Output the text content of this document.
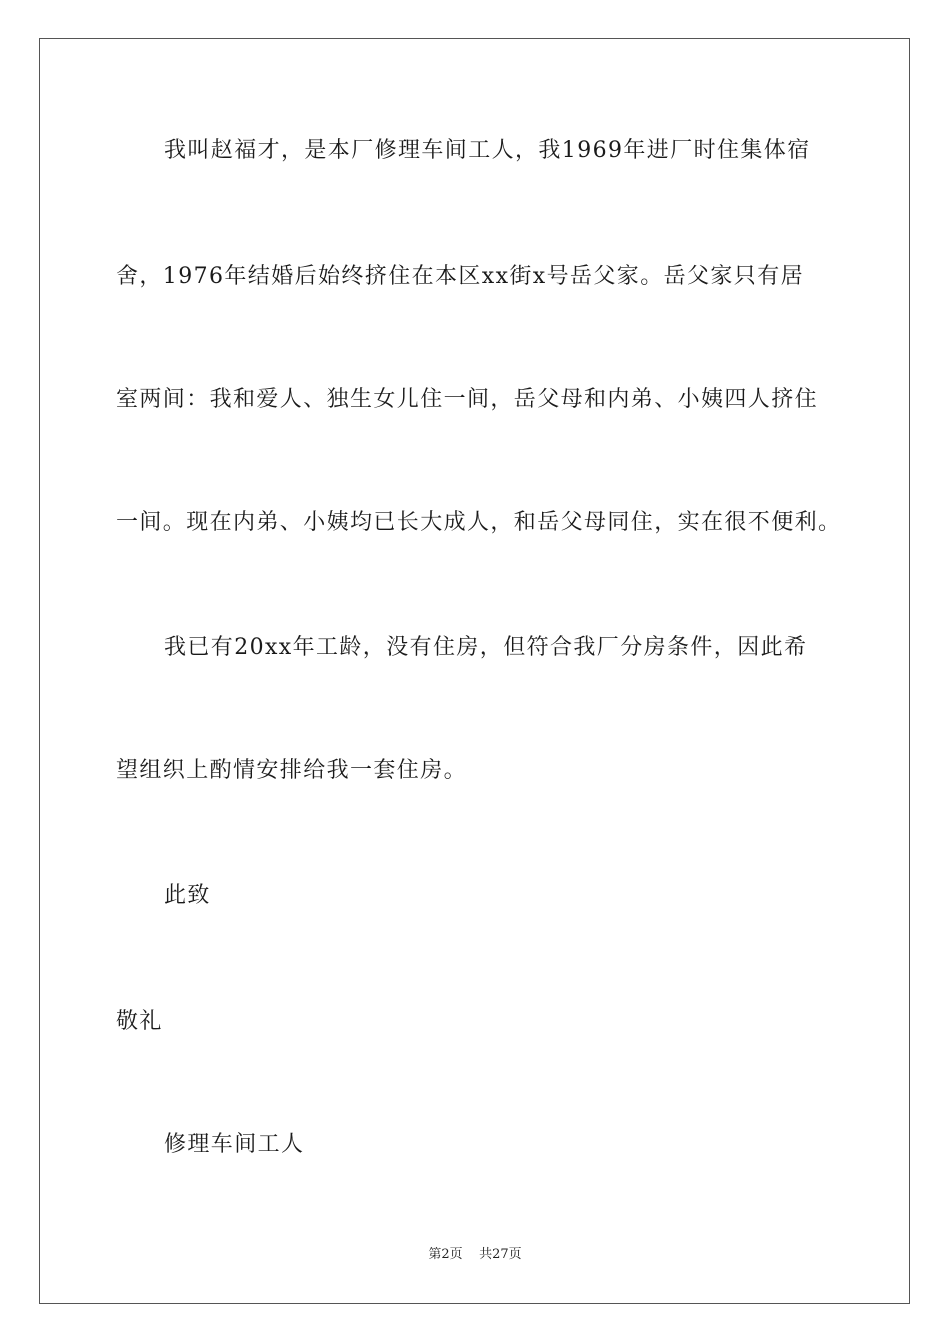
我叫赵福才，是本厂修理车间工人，我1969年进厂时住集体宿
舍，1976年结婚后始终挤住在本区xx街x号岳父家。岳父家只有居
室两间：我和爱人、独生女儿住一间，岳父母和内弟、小姨四人挤住
一间。现在内弟、小姨均已长大成人，和岳父母同住，实在很不便利。
我已有20xx年工龄，没有住房，但符合我厂分房条件，因此希
望组织上酌情安排给我一套住房。
此致
敬礼
修理车间工人
第2页 共27页
